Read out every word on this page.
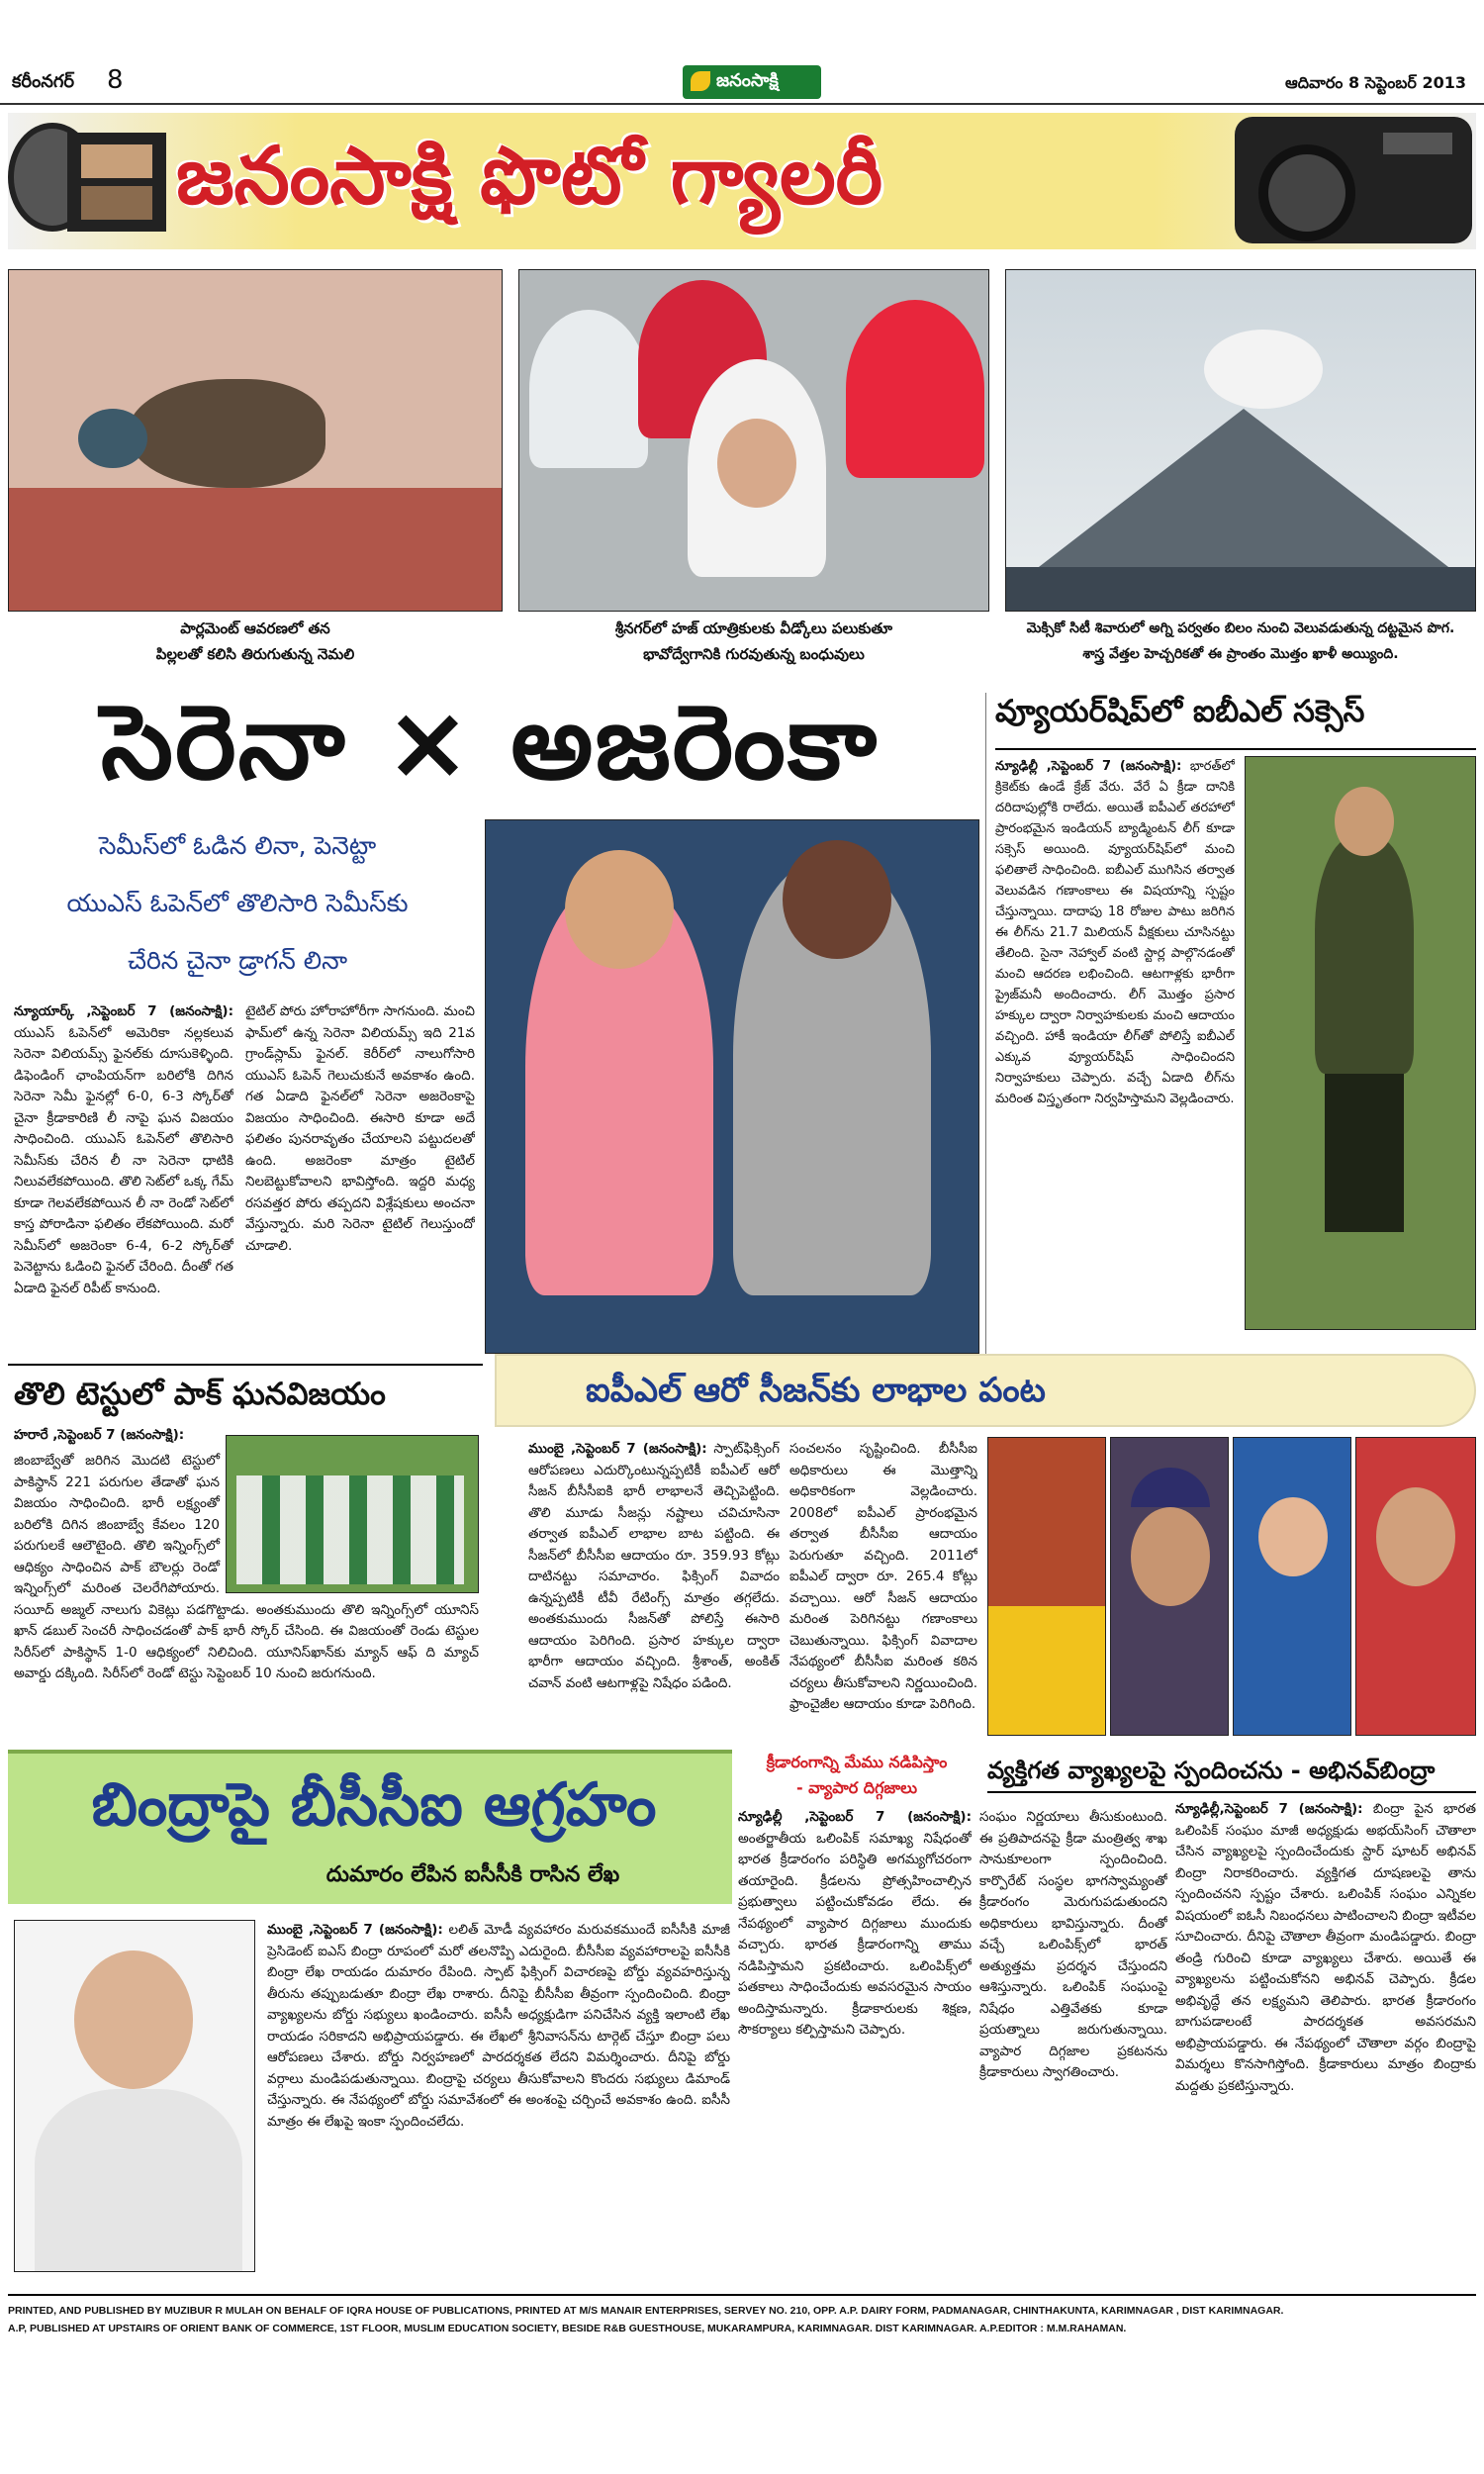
కరీంనగర్ 8	జనంసాక్షి	ఆదివారం 8 సెప్టెంబర్ 2013
జనంసాక్షి ఫొటో గ్యాలరీ
పార్లమెంట్ ఆవరణలో తన
పిల్లలతో కలిసి తిరుగుతున్న నెమలి
శ్రీనగర్‌లో హజ్ యాత్రికులకు వీడ్కోలు పలుకుతూ
భావోద్వేగానికి గురవుతున్న బంధువులు
మెక్సికో సిటీ శివారులో అగ్ని పర్వతం బిలం నుంచి వెలువడుతున్న దట్టమైన పొగ.
శాస్త్ర వేత్తల హెచ్చరికతో ఈ ప్రాంతం మొత్తం ఖాళీ అయ్యింది.
సెరెనా × అజరెంకా
సెమీస్‌లో ఓడిన లినా, పెనెట్టా
యుఎస్ ఓపెన్‌లో తొలిసారి సెమీస్‌కు
చేరిన చైనా డ్రాగన్ లినా
న్యూయార్క్ ,సెప్టెంబర్ 7 (జనంసాక్షి): యుఎస్ ఓపెన్‌లో అమెరికా నల్లకలువ సెరెనా విలియమ్స్ ఫైనల్‌కు దూసుకెళ్ళింది. డిఫెండింగ్ ఛాంపియన్‌గా బరిలోకి దిగిన సెరెనా సెమీ ఫైనల్లో 6-0, 6-3 స్కోర్‌తో చైనా క్రీడాకారిణి లీ నాపై ఘన విజయం సాధించింది. యుఎస్ ఓపెన్‌లో తొలిసారి సెమీస్‌కు చేరిన లీ నా సెరెనా ధాటికి నిలువలేకపోయింది. తొలి సెట్‌లో ఒక్క గేమ్ కూడా గెలవలేకపోయిన లీ నా రెండో సెట్‌లో కాస్త పోరాడినా ఫలితం లేకపోయింది. మరో సెమీస్‌లో అజరెంకా 6-4, 6-2 స్కోర్‌తో పెనెట్టాను ఓడించి ఫైనల్ చేరింది. దీంతో గత ఏడాది ఫైనల్ రిపీట్ కానుంది.
టైటిల్ పోరు హోరాహోరీగా సాగనుంది. మంచి ఫామ్‌లో ఉన్న సెరెనా విలియమ్స్ ఇది 21వ గ్రాండ్‌స్లామ్ ఫైనల్. కెరీర్‌లో నాలుగోసారి యుఎస్ ఓపెన్ గెలుచుకునే అవకాశం ఉంది. గత ఏడాది ఫైనల్‌లో సెరెనా అజరెంకాపై విజయం సాధించింది. ఈసారి కూడా అదే ఫలితం పునరావృతం చేయాలని పట్టుదలతో ఉంది. అజరెంకా మాత్రం టైటిల్ నిలబెట్టుకోవాలని భావిస్తోంది. ఇద్దరి మధ్య రసవత్తర పోరు తప్పదని విశ్లేషకులు అంచనా వేస్తున్నారు. మరి సెరెనా టైటిల్ గెలుస్తుందో చూడాలి.
వ్యూయర్‌షిప్‌లో ఐబీఎల్ సక్సెస్
న్యూఢిల్లీ ,సెప్టెంబర్ 7 (జనంసాక్షి): భారత్‌లో క్రికెట్‌కు ఉండే క్రేజ్ వేరు. వేరే ఏ క్రీడా దానికి దరిదాపుల్లోకి రాలేదు. అయితే ఐపీఎల్ తరహాలో ప్రారంభమైన ఇండియన్ బ్యాడ్మింటన్ లీగ్ కూడా సక్సెస్ అయింది. వ్యూయర్‌షిప్‌లో మంచి ఫలితాలే సాధించింది. ఐబీఎల్ ముగిసిన తర్వాత వెలువడిన గణాంకాలు ఈ విషయాన్ని స్పష్టం చేస్తున్నాయి. దాదాపు 18 రోజుల పాటు జరిగిన ఈ లీగ్‌ను 21.7 మిలియన్ వీక్షకులు చూసినట్టు తేలింది. సైనా నెహ్వాల్ వంటి స్టార్ల పాల్గొనడంతో మంచి ఆదరణ లభించింది. ఆటగాళ్లకు భారీగా ప్రైజ్‌మనీ అందించారు. లీగ్ మొత్తం ప్రసార హక్కుల ద్వారా నిర్వాహకులకు మంచి ఆదాయం వచ్చింది. హాకీ ఇండియా లీగ్‌తో పోలిస్తే ఐబీఎల్ ఎక్కువ వ్యూయర్‌షిప్ సాధించిందని నిర్వాహకులు చెప్పారు. వచ్చే ఏడాది లీగ్‌ను మరింత విస్తృతంగా నిర్వహిస్తామని వెల్లడించారు.
తొలి టెస్టులో పాక్ ఘనవిజయం
హరారే ,సెప్టెంబర్ 7 (జనంసాక్షి):
జింబాబ్వేతో జరిగిన మొదటి టెస్టులో పాకిస్థాన్ 221 పరుగుల తేడాతో ఘన విజయం సాధించింది. భారీ లక్ష్యంతో బరిలోకి దిగిన జింబాబ్వే కేవలం 120 పరుగులకే ఆలౌటైంది. తొలి ఇన్నింగ్స్‌లో ఆధిక్యం సాధించిన పాక్ బౌలర్లు రెండో ఇన్నింగ్స్‌లో మరింత చెలరేగిపోయారు. సయీద్ అజ్మల్ నాలుగు వికెట్లు పడగొట్టాడు. అంతకుముందు తొలి ఇన్నింగ్స్‌లో యూనిస్ ఖాన్ డబుల్ సెంచరీ సాధించడంతో పాక్ భారీ స్కోర్ చేసింది. ఈ విజయంతో రెండు టెస్టుల సిరీస్‌లో పాకిస్థాన్ 1-0 ఆధిక్యంలో నిలిచింది. యూనిస్‌ఖాన్‌కు మ్యాన్ ఆఫ్ ది మ్యాచ్ అవార్డు దక్కింది. సిరీస్‌లో రెండో టెస్టు సెప్టెంబర్ 10 నుంచి జరుగనుంది.
ఐపీఎల్ ఆరో సీజన్‌కు లాభాల పంట
ముంబై ,సెప్టెంబర్ 7 (జనంసాక్షి): స్పాట్‌ఫిక్సింగ్ ఆరోపణలు ఎదుర్కొంటున్నప్పటికీ ఐపీఎల్ ఆరో సీజన్ బీసీసీఐకి భారీ లాభాలనే తెచ్చిపెట్టింది. తొలి మూడు సీజన్లు నష్టాలు చవిచూసినా తర్వాత ఐపీఎల్ లాభాల బాట పట్టింది. ఈ సీజన్‌లో బీసీసీఐ ఆదాయం రూ. 359.93 కోట్లు దాటినట్టు సమాచారం. ఫిక్సింగ్ వివాదం ఉన్నప్పటికీ టీవీ రేటింగ్స్ మాత్రం తగ్గలేదు. అంతకుముందు సీజన్‌తో పోలిస్తే ఈసారి ఆదాయం పెరిగింది. ప్రసార హక్కుల ద్వారా భారీగా ఆదాయం వచ్చింది. శ్రీశాంత్, అంకిత్ చవాన్ వంటి ఆటగాళ్లపై నిషేధం పడింది.
సంచలనం సృష్టించింది. బీసీసీఐ అధికారులు ఈ మొత్తాన్ని అధికారికంగా వెల్లడించారు. 2008లో ఐపీఎల్ ప్రారంభమైన తర్వాత బీసీసీఐ ఆదాయం పెరుగుతూ వచ్చింది. 2011లో ఐపీఎల్ ద్వారా రూ. 265.4 కోట్లు వచ్చాయి. ఆరో సీజన్ ఆదాయం మరింత పెరిగినట్టు గణాంకాలు చెబుతున్నాయి. ఫిక్సింగ్ వివాదాల నేపథ్యంలో బీసీసీఐ మరింత కఠిన చర్యలు తీసుకోవాలని నిర్ణయించింది. ఫ్రాంచైజీల ఆదాయం కూడా పెరిగింది.
బింద్రాపై బీసీసీఐ ఆగ్రహం
దుమారం లేపిన ఐసీసీకి రాసిన లేఖ
ముంబై ,సెప్టెంబర్ 7 (జనంసాక్షి): లలిత్ మోడీ వ్యవహారం మరువకముందే ఐసీసీకి మాజీ ప్రెసిడెంట్ ఐఎస్ బింద్రా రూపంలో మరో తలనొప్పి ఎదురైంది. బీసీసీఐ వ్యవహారాలపై ఐసీసీకి బింద్రా లేఖ రాయడం దుమారం రేపింది. స్పాట్ ఫిక్సింగ్ విచారణపై బోర్డు వ్యవహరిస్తున్న తీరును తప్పుబడుతూ బింద్రా లేఖ రాశారు. దీనిపై బీసీసీఐ తీవ్రంగా స్పందించింది. బింద్రా వ్యాఖ్యలను బోర్డు సభ్యులు ఖండించారు. ఐసీసీ అధ్యక్షుడిగా పనిచేసిన వ్యక్తి ఇలాంటి లేఖ రాయడం సరికాదని అభిప్రాయపడ్డారు. ఈ లేఖలో శ్రీనివాసన్‌ను టార్గెట్ చేస్తూ బింద్రా పలు ఆరోపణలు చేశారు. బోర్డు నిర్వహణలో పారదర్శకత లేదని విమర్శించారు. దీనిపై బోర్డు వర్గాలు మండిపడుతున్నాయి. బింద్రాపై చర్యలు తీసుకోవాలని కొందరు సభ్యులు డిమాండ్ చేస్తున్నారు. ఈ నేపథ్యంలో బోర్డు సమావేశంలో ఈ అంశంపై చర్చించే అవకాశం ఉంది. ఐసీసీ మాత్రం ఈ లేఖపై ఇంకా స్పందించలేదు.
క్రీడారంగాన్ని మేము నడిపిస్తాం
- వ్యాపార దిగ్గజాలు
న్యూఢిల్లీ ,సెప్టెంబర్ 7 (జనంసాక్షి): అంతర్జాతీయ ఒలింపిక్ సమాఖ్య నిషేధంతో భారత క్రీడారంగం పరిస్థితి అగమ్యగోచరంగా తయారైంది. క్రీడలను ప్రోత్సహించాల్సిన ప్రభుత్వాలు పట్టించుకోవడం లేదు. ఈ నేపథ్యంలో వ్యాపార దిగ్గజాలు ముందుకు వచ్చారు. భారత క్రీడారంగాన్ని తాము నడిపిస్తామని ప్రకటించారు. ఒలింపిక్స్‌లో పతకాలు సాధించేందుకు అవసరమైన సాయం అందిస్తామన్నారు. క్రీడాకారులకు శిక్షణ, సౌకర్యాలు కల్పిస్తామని చెప్పారు.
సంఘం నిర్ణయాలు తీసుకుంటుంది. ఈ ప్రతిపాదనపై క్రీడా మంత్రిత్వ శాఖ సానుకూలంగా స్పందించింది. కార్పొరేట్ సంస్థల భాగస్వామ్యంతో క్రీడారంగం మెరుగుపడుతుందని అధికారులు భావిస్తున్నారు. దీంతో వచ్చే ఒలింపిక్స్‌లో భారత్ అత్యుత్తమ ప్రదర్శన చేస్తుందని ఆశిస్తున్నారు. ఒలింపిక్ సంఘంపై నిషేధం ఎత్తివేతకు కూడా ప్రయత్నాలు జరుగుతున్నాయి. వ్యాపార దిగ్గజాల ప్రకటనను క్రీడాకారులు స్వాగతించారు.
వ్యక్తిగత వ్యాఖ్యలపై స్పందించను - అభినవ్‌బింద్రా
న్యూఢిల్లీ,సెప్టెంబర్ 7 (జనంసాక్షి): బింద్రా పైన భారత ఒలింపిక్ సంఘం మాజీ అధ్యక్షుడు అభయ్‌సింగ్ చౌతాలా చేసిన వ్యాఖ్యలపై స్పందించేందుకు స్టార్ షూటర్ అభినవ్ బింద్రా నిరాకరించారు. వ్యక్తిగత దూషణలపై తాను స్పందించనని స్పష్టం చేశారు. ఒలింపిక్ సంఘం ఎన్నికల విషయంలో ఐఓసీ నిబంధనలు పాటించాలని బింద్రా ఇటీవల సూచించారు. దీనిపై చౌతాలా తీవ్రంగా మండిపడ్డారు. బింద్రా తండ్రి గురించి కూడా వ్యాఖ్యలు చేశారు. అయితే ఈ వ్యాఖ్యలను పట్టించుకోనని అభినవ్ చెప్పారు. క్రీడల అభివృద్ధే తన లక్ష్యమని తెలిపారు. భారత క్రీడారంగం బాగుపడాలంటే పారదర్శకత అవసరమని అభిప్రాయపడ్డారు. ఈ నేపథ్యంలో చౌతాలా వర్గం బింద్రాపై విమర్శలు కొనసాగిస్తోంది. క్రీడాకారులు మాత్రం బింద్రాకు మద్దతు ప్రకటిస్తున్నారు.
PRINTED, AND PUBLISHED BY MUZIBUR R MULAH ON BEHALF OF IQRA HOUSE OF PUBLICATIONS, PRINTED AT M/S MANAIR ENTERPRISES, SERVEY NO. 210, OPP. A.P. DAIRY FORM, PADMANAGAR, CHINTHAKUNTA, KARIMNAGAR , DIST KARIMNAGAR.
A.P, PUBLISHED AT UPSTAIRS OF ORIENT BANK OF COMMERCE, 1ST FLOOR, MUSLIM EDUCATION SOCIETY, BESIDE R&B GUESTHOUSE, MUKARAMPURA, KARIMNAGAR. DIST KARIMNAGAR. A.P.EDITOR : M.M.RAHAMAN.
